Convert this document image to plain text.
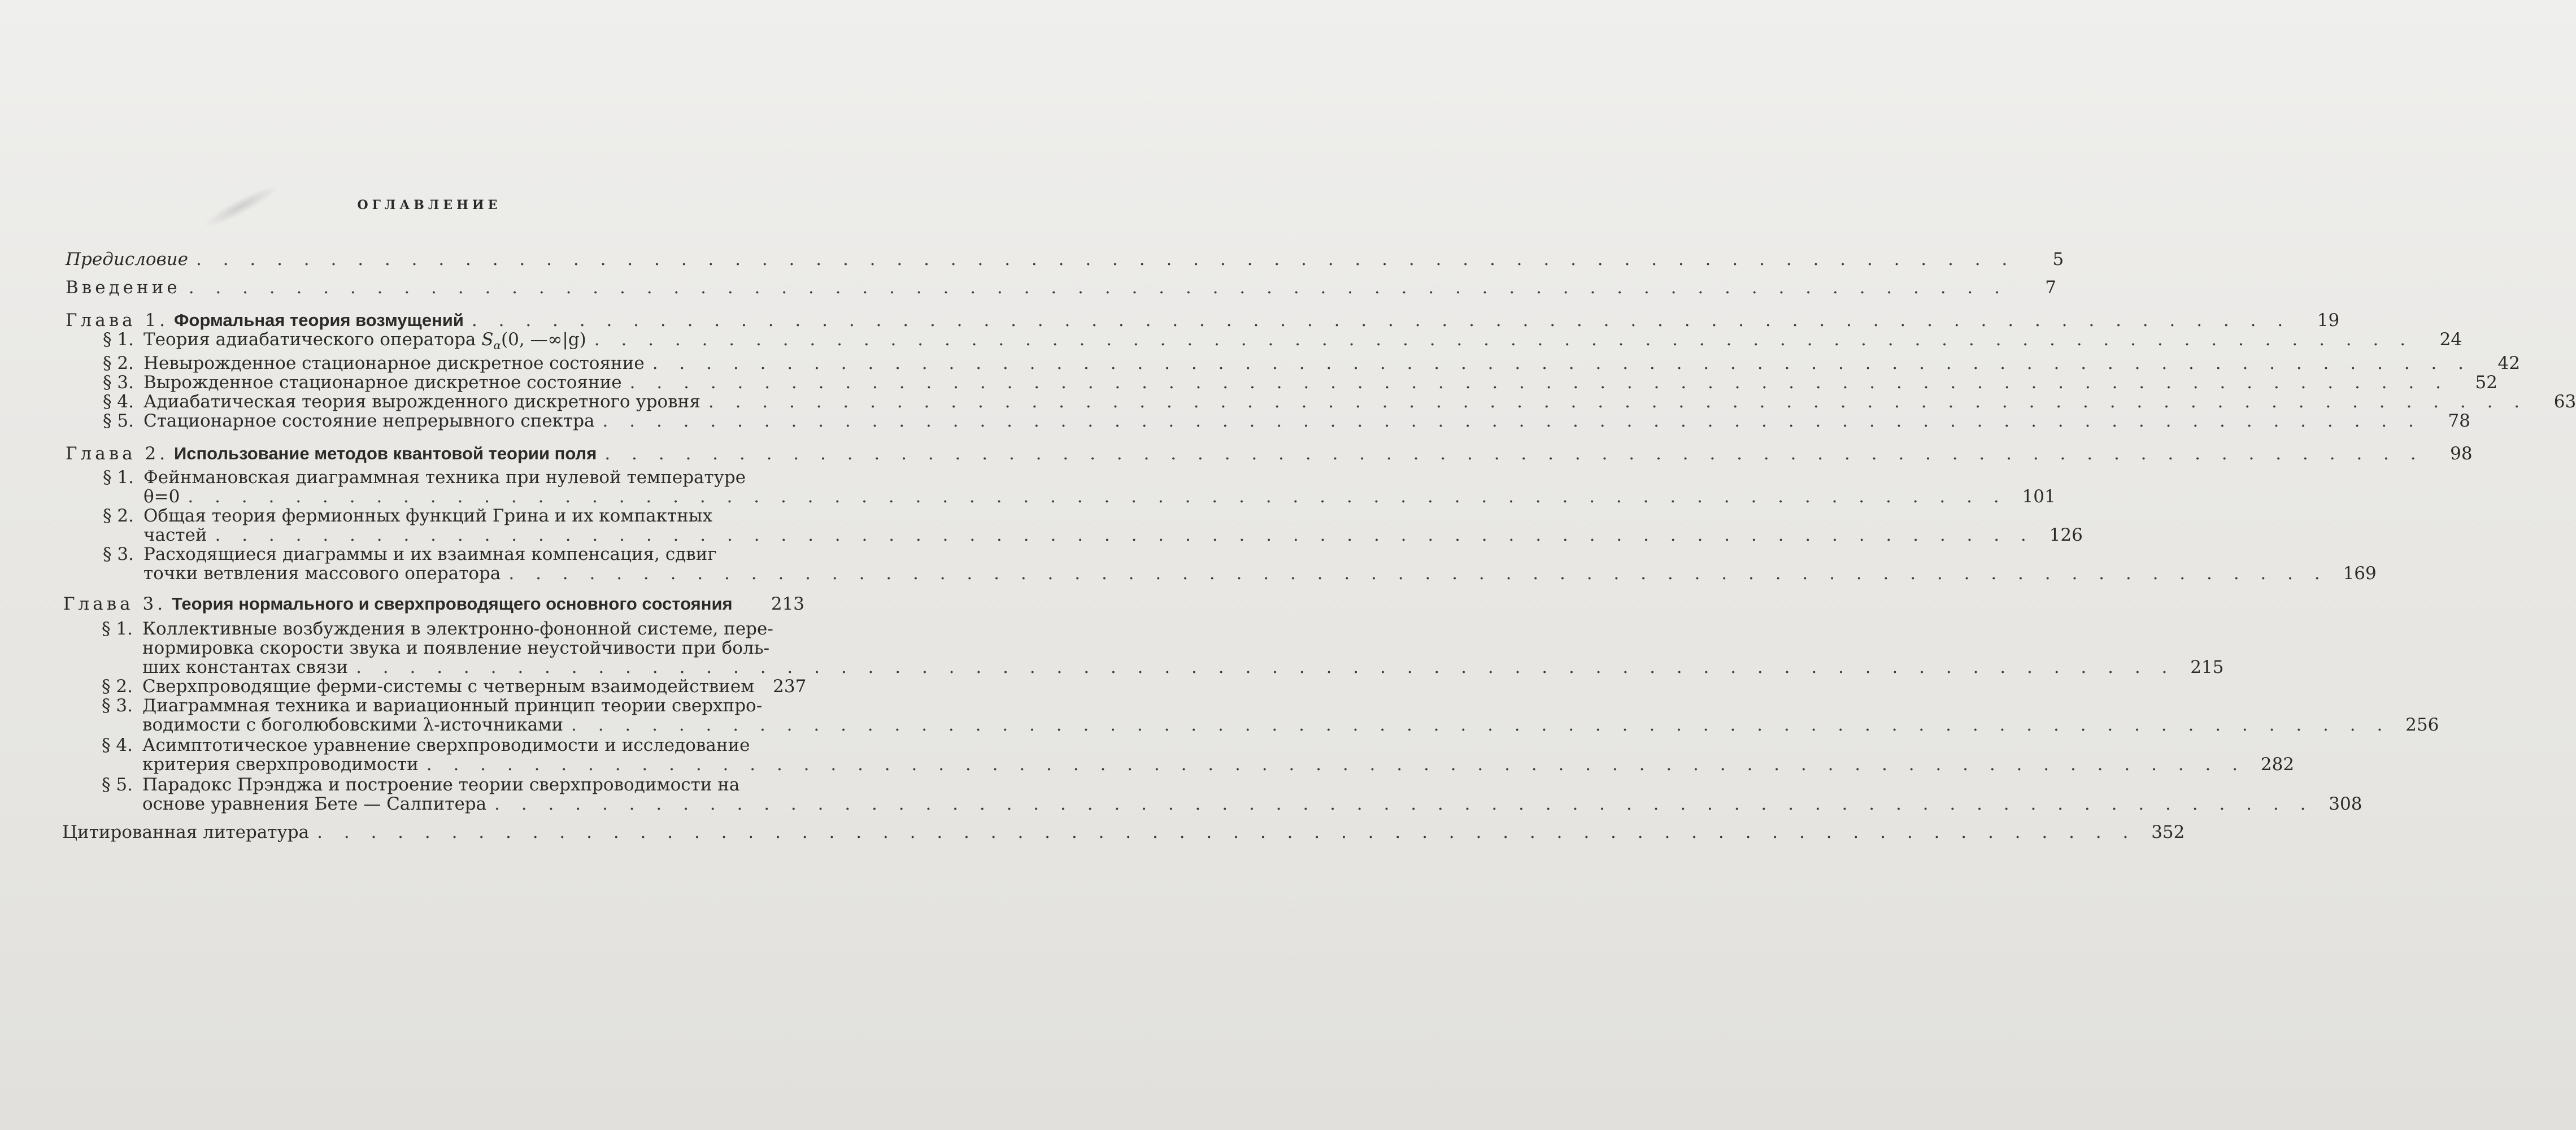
ОГЛАВЛЕНИЕ
Предисловие . . . . . . . . . . . . . . . . . . . . . . . . . . . . . . . . . . . . . . . . . . . . . . . . . . . . . . . . . . . . . . . . . . . .	5
Введение . . . . . . . . . . . . . . . . . . . . . . . . . . . . . . . . . . . . . . . . . . . . . . . . . . . . . . . . . . . . . . . . . . . .	7
Глава 1. Формальная теория возмущений . . . . . . . . . . . . . . . . . . . . . . . . . . . . . . . . . . . . . . . . . . . . . . . . . . . . . . . . . . . . . . . . . . . .	19
§ 1. Теория адиабатического оператора $S_\alpha(0$, —∞|g) . . . . . . . . . . . . . . . . . . . . . . . . . . . . . . . . . . . . . . . . . . . . . . . . . . . . . . . . . . . . . . . . . . . .	24
§ 2. Невырожденное стационарное дискретное состояние . . . . . . . . . . . . . . . . . . . . . . . . . . . . . . . . . . . . . . . . . . . . . . . . . . . . . . . . . . . . . . . . . . . .	42
§ 3. Вырожденное стационарное дискретное состояние . . . . . . . . . . . . . . . . . . . . . . . . . . . . . . . . . . . . . . . . . . . . . . . . . . . . . . . . . . . . . . . . . . . .	52
§ 4. Адиабатическая теория вырожденного дискретного уровня . . . . . . . . . . . . . . . . . . . . . . . . . . . . . . . . . . . . . . . . . . . . . . . . . . . . . . . . . . . . . . . . . . . .	63
§ 5. Стационарное состояние непрерывного спектра . . . . . . . . . . . . . . . . . . . . . . . . . . . . . . . . . . . . . . . . . . . . . . . . . . . . . . . . . . . . . . . . . . . .	78
Глава 2. Использование методов квантовой теории поля . . . . . . . . . . . . . . . . . . . . . . . . . . . . . . . . . . . . . . . . . . . . . . . . . . . . . . . . . . . . . . . . . . . .	98
§ 1. Фейнмановская диаграммная техника при нулевой температуре
θ=0 . . . . . . . . . . . . . . . . . . . . . . . . . . . . . . . . . . . . . . . . . . . . . . . . . . . . . . . . . . . . . . . . . . . . 101
§ 2. Общая теория фермионных функций Грина и их компактных
частей . . . . . . . . . . . . . . . . . . . . . . . . . . . . . . . . . . . . . . . . . . . . . . . . . . . . . . . . . . . . . . . . . . . . 126
§ 3. Расходящиеся диаграммы и их взаимная компенсация, сдвиг
точки ветвления массового оператора . . . . . . . . . . . . . . . . . . . . . . . . . . . . . . . . . . . . . . . . . . . . . . . . . . . . . . . . . . . . . . . . . . . . 169
Глава 3. Теория нормального и сверхпроводящего основного состояния	213
§ 1. Коллективные возбуждения в электронно-фононной системе, пере-
нормировка скорости звука и появление неустойчивости при боль-
ших константах связи . . . . . . . . . . . . . . . . . . . . . . . . . . . . . . . . . . . . . . . . . . . . . . . . . . . . . . . . . . . . . . . . . . . . 215
§ 2. Сверхпроводящие ферми-системы с четверным взаимодействием	237
§ 3. Диаграммная техника и вариационный принцип теории сверхпро-
водимости с боголюбовскими λ-источниками . . . . . . . . . . . . . . . . . . . . . . . . . . . . . . . . . . . . . . . . . . . . . . . . . . . . . . . . . . . . . . . . . . . . 256
§ 4. Асимптотическое уравнение сверхпроводимости и исследование
критерия сверхпроводимости . . . . . . . . . . . . . . . . . . . . . . . . . . . . . . . . . . . . . . . . . . . . . . . . . . . . . . . . . . . . . . . . . . . . 282
§ 5. Парадокс Прэнджа и построение теории сверхпроводимости на
основе уравнения Бете — Салпитера . . . . . . . . . . . . . . . . . . . . . . . . . . . . . . . . . . . . . . . . . . . . . . . . . . . . . . . . . . . . . . . . . . . . 308
Цитированная литература . . . . . . . . . . . . . . . . . . . . . . . . . . . . . . . . . . . . . . . . . . . . . . . . . . . . . . . . . . . . . . . . . . . . 352
